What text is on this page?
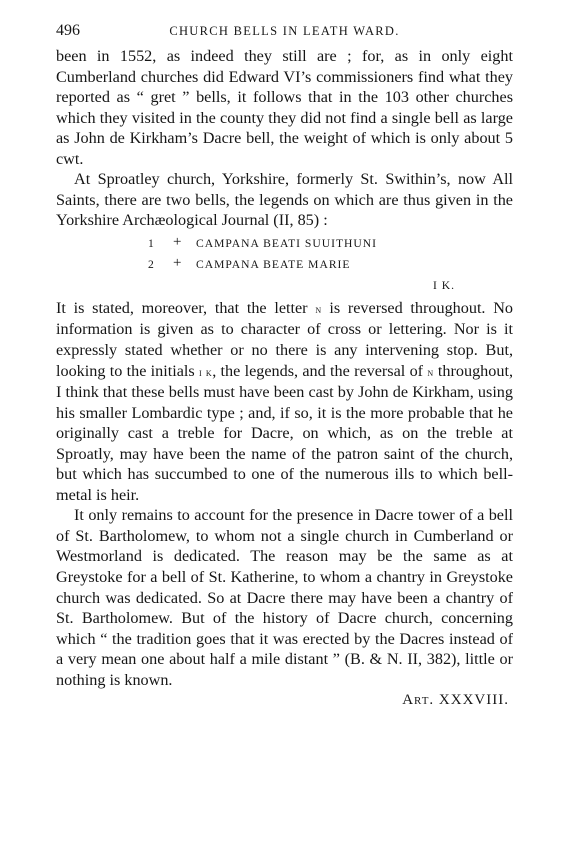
496	CHURCH BELLS IN LEATH WARD.

been in 1552, as indeed they still are ; for, as in only eight Cumberland churches did Edward VI’s commissioners find what they reported as “ gret ” bells, it follows that in the 103 other churches which they visited in the county they did not find a single bell as large as John de Kirkham’s Dacre bell, the weight of which is only about 5 cwt.

At Sproatley church, Yorkshire, formerly St. Swithin’s, now All Saints, there are two bells, the legends on which are thus given in the Yorkshire Archæological Journal (II, 85) :

1	+	CAMPANA BEATI SUUITHUNI
2	+	CAMPANA BEATE MARIE
I K.

It is stated, moreover, that the letter n is reversed throughout. No information is given as to character of cross or lettering. Nor is it expressly stated whether or no there is any intervening stop. But, looking to the initials i k, the legends, and the reversal of n throughout, I think that these bells must have been cast by John de Kirkham, using his smaller Lombardic type ; and, if so, it is the more probable that he originally cast a treble for Dacre, on which, as on the treble at Sproatly, may have been the name of the patron saint of the church, but which has succumbed to one of the numerous ills to which bell-metal is heir.

It only remains to account for the presence in Dacre tower of a bell of St. Bartholomew, to whom not a single church in Cumberland or Westmorland is dedicated. The reason may be the same as at Greystoke for a bell of St. Katherine, to whom a chantry in Greystoke church was dedicated. So at Dacre there may have been a chantry of St. Bartholomew. But of the history of Dacre church, concerning which “ the tradition goes that it was erected by the Dacres instead of a very mean one about half a mile distant ” (B. & N. II, 382), little or nothing is known.

Art. XXXVIII.
